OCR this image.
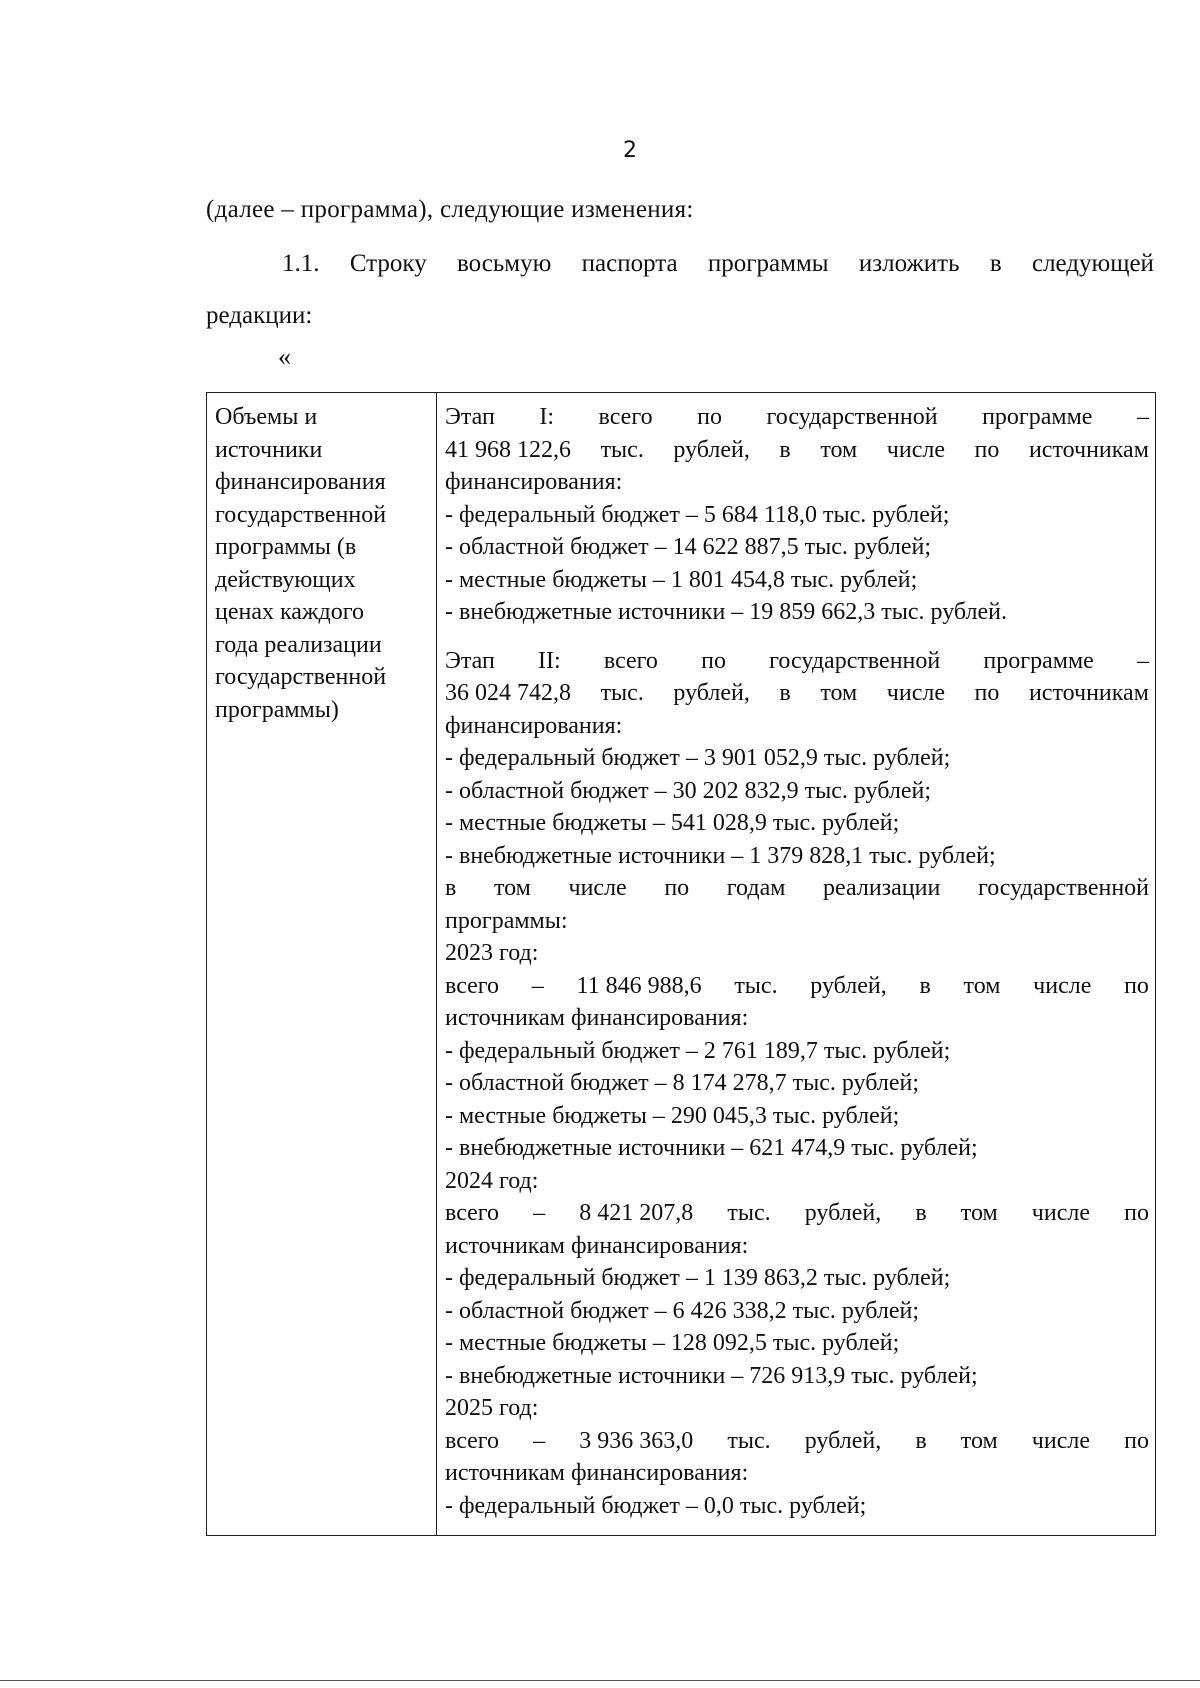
2
(далее – программа), следующие изменения:
1.1. Строку восьмую паспорта программы изложить в следующей
редакции:
«
Объемы и
источники
финансирования
государственной
программы (в
действующих
ценах каждого
года реализации
государственной
программы)
Этап I: всего по государственной программе –
41 968 122,6 тыс. рублей, в том числе по источникам
финансирования:
- федеральный бюджет – 5 684 118,0 тыс. рублей;
- областной бюджет – 14 622 887,5 тыс. рублей;
- местные бюджеты – 1 801 454,8 тыс. рублей;
- внебюджетные источники – 19 859 662,3 тыс. рублей.
Этап II: всего по государственной программе –
36 024 742,8 тыс. рублей, в том числе по источникам
финансирования:
- федеральный бюджет – 3 901 052,9 тыс. рублей;
- областной бюджет – 30 202 832,9 тыс. рублей;
- местные бюджеты – 541 028,9 тыс. рублей;
- внебюджетные источники – 1 379 828,1 тыс. рублей;
в том числе по годам реализации государственной
программы:
2023 год:
всего – 11 846 988,6 тыс. рублей, в том числе по
источникам финансирования:
- федеральный бюджет – 2 761 189,7 тыс. рублей;
- областной бюджет – 8 174 278,7 тыс. рублей;
- местные бюджеты – 290 045,3 тыс. рублей;
- внебюджетные источники – 621 474,9 тыс. рублей;
2024 год:
всего – 8 421 207,8 тыс. рублей, в том числе по
источникам финансирования:
- федеральный бюджет – 1 139 863,2 тыс. рублей;
- областной бюджет – 6 426 338,2 тыс. рублей;
- местные бюджеты – 128 092,5 тыс. рублей;
- внебюджетные источники – 726 913,9 тыс. рублей;
2025 год:
всего – 3 936 363,0 тыс. рублей, в том числе по
источникам финансирования:
- федеральный бюджет – 0,0 тыс. рублей;
